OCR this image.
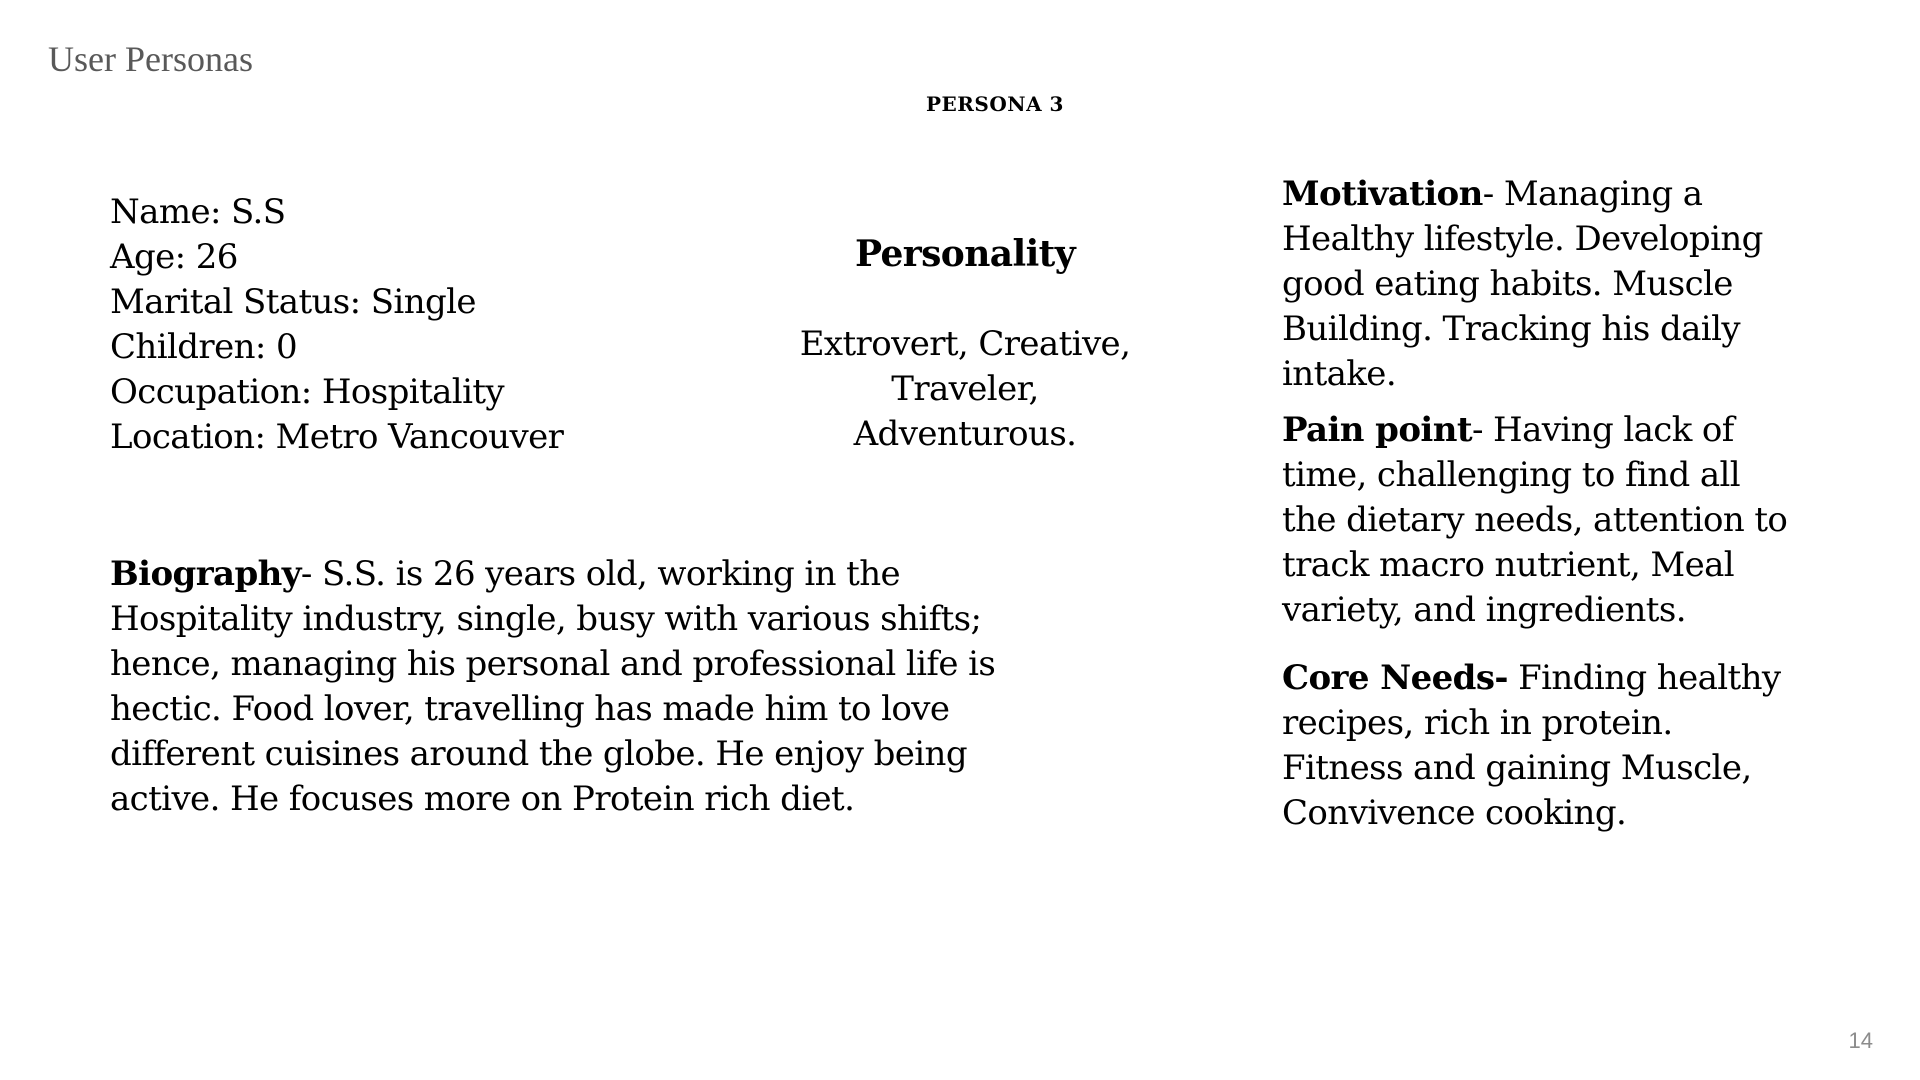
User Personas
PERSONA 3
Name: S.S
Age: 26
Marital Status: Single
Children: 0
Occupation: Hospitality
Location: Metro Vancouver
Personality
Extrovert, Creative,
Traveler,
Adventurous.
Biography- S.S. is 26 years old, working in the Hospitality industry, single, busy with various shifts; hence, managing his personal and professional life is hectic. Food lover, travelling has made him to love different cuisines around the globe. He enjoy being active. He focuses more on Protein rich diet.
Motivation- Managing a Healthy lifestyle. Developing good eating habits. Muscle Building. Tracking his daily intake.
Pain point- Having lack of time, challenging to find all the dietary needs, attention to track macro nutrient, Meal variety, and ingredients.
Core Needs- Finding healthy recipes, rich in protein. Fitness and gaining Muscle, Convivence cooking.
14
